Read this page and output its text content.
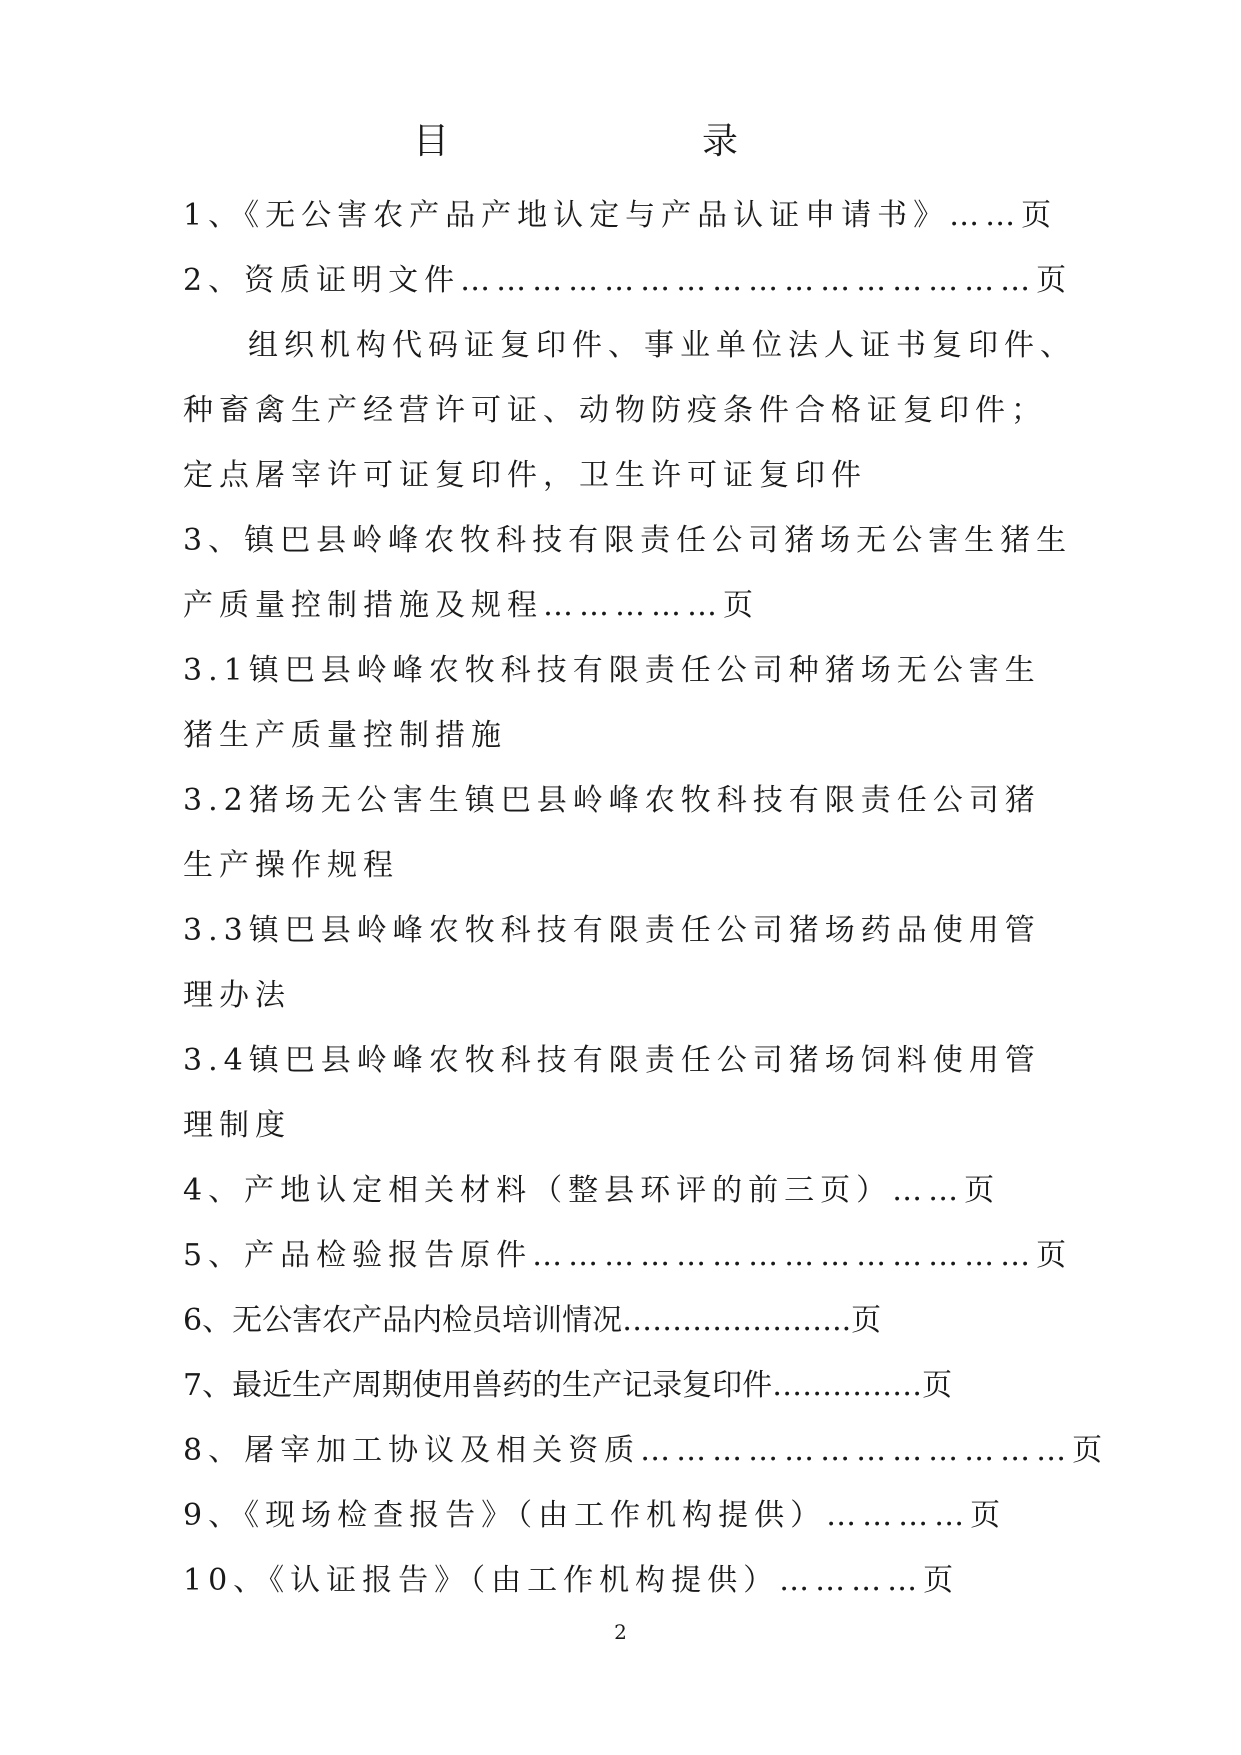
目	录
1、《无公害农产品产地认定与产品认证申请书》……页
2、资质证明文件…………………………………………页
组织机构代码证复印件、事业单位法人证书复印件、
种畜禽生产经营许可证、动物防疫条件合格证复印件；
定点屠宰许可证复印件，卫生许可证复印件
3、镇巴县岭峰农牧科技有限责任公司猪场无公害生猪生
产质量控制措施及规程……………页
3.1镇巴县岭峰农牧科技有限责任公司种猪场无公害生
猪生产质量控制措施
3.2猪场无公害生镇巴县岭峰农牧科技有限责任公司猪
生产操作规程
3.3镇巴县岭峰农牧科技有限责任公司猪场药品使用管
理办法
3.4镇巴县岭峰农牧科技有限责任公司猪场饲料使用管
理制度
4、产地认定相关材料（整县环评的前三页）……页
5、产品检验报告原件……………………………………页
6、无公害农产品内检员培训情况…………………..页
7、最近生产周期使用兽药的生产记录复印件……………页
8、屠宰加工协议及相关资质………………………………页
9、《现场检查报告》（由工作机构提供）…………页
10、《认证报告》（由工作机构提供）…………页
2
